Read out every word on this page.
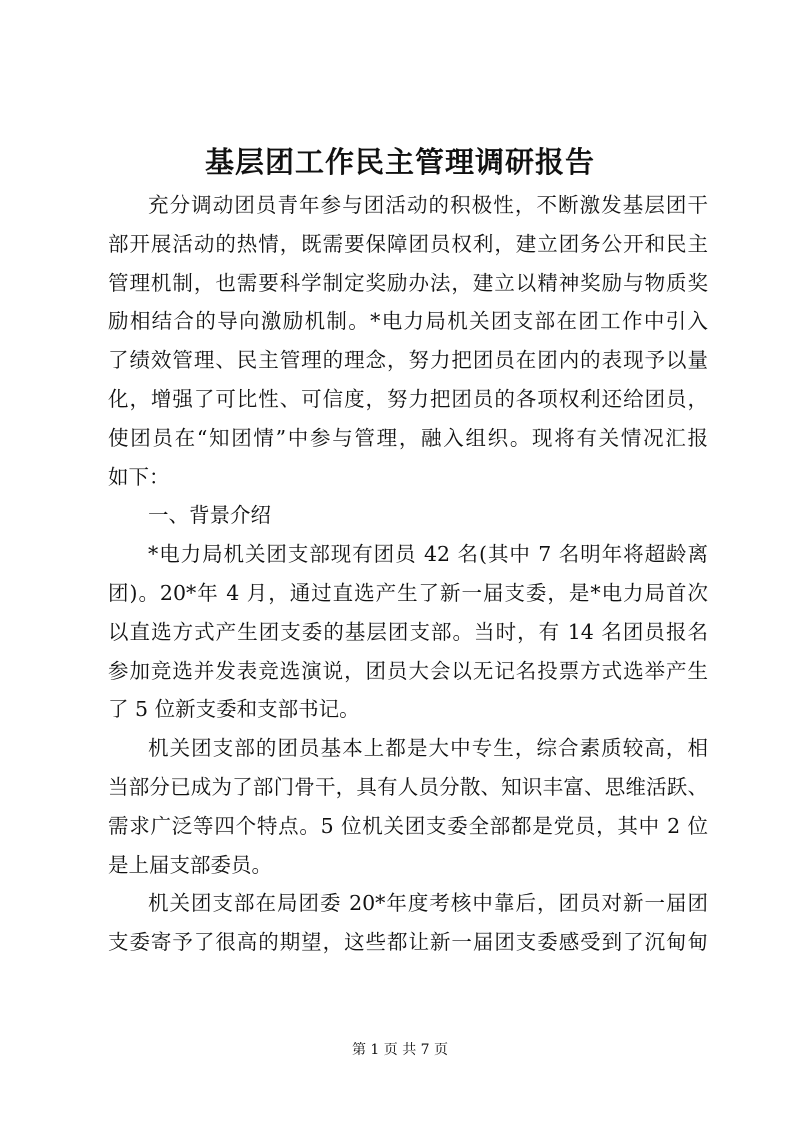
基层团工作民主管理调研报告
充分调动团员青年参与团活动的积极性，不断激发基层团干
部开展活动的热情，既需要保障团员权利，建立团务公开和民主
管理机制，也需要科学制定奖励办法，建立以精神奖励与物质奖
励相结合的导向激励机制。*电力局机关团支部在团工作中引入
了绩效管理、民主管理的理念，努力把团员在团内的表现予以量
化，增强了可比性、可信度，努力把团员的各项权利还给团员，
使团员在“知团情”中参与管理，融入组织。现将有关情况汇报
如下：
一、背景介绍
*电力局机关团支部现有团员 42 名(其中 7 名明年将超龄离
团)。20*年 4 月，通过直选产生了新一届支委，是*电力局首次
以直选方式产生团支委的基层团支部。当时，有 14 名团员报名
参加竞选并发表竞选演说，团员大会以无记名投票方式选举产生
了 5 位新支委和支部书记。
机关团支部的团员基本上都是大中专生，综合素质较高，相
当部分已成为了部门骨干，具有人员分散、知识丰富、思维活跃、
需求广泛等四个特点。5 位机关团支委全部都是党员，其中 2 位
是上届支部委员。
机关团支部在局团委 20*年度考核中靠后，团员对新一届团
支委寄予了很高的期望，这些都让新一届团支委感受到了沉甸甸
第 1 页 共 7 页
